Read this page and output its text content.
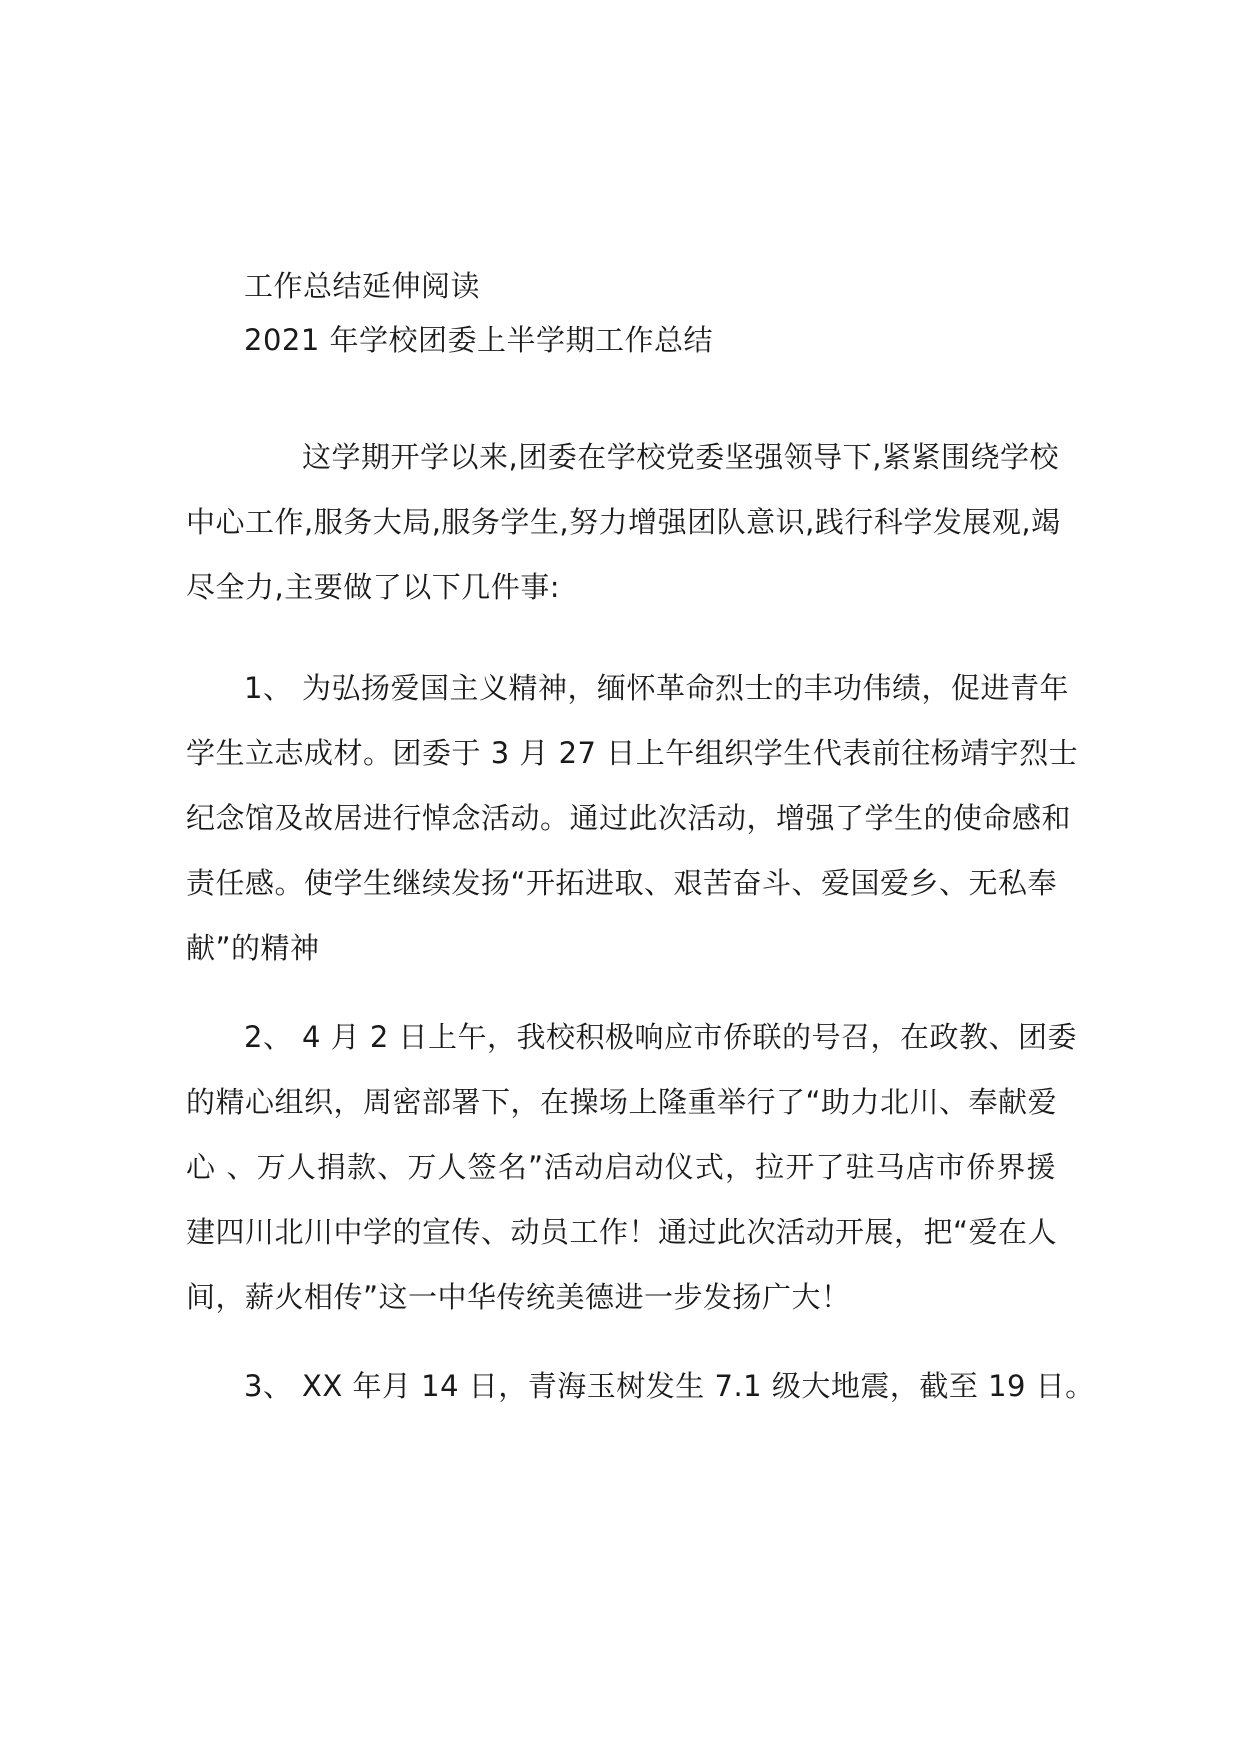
工作总结延伸阅读
2021 年学校团委上半学期工作总结
这学期开学以来,团委在学校党委坚强领导下,紧紧围绕学校
中心工作,服务大局,服务学生,努力增强团队意识,践行科学发展观,竭
尽全力,主要做了以下几件事:
1、 为弘扬爱国主义精神，缅怀革命烈士的丰功伟绩，促进青年
学生立志成材。团委于 3 月 27 日上午组织学生代表前往杨靖宇烈士
纪念馆及故居进行悼念活动。通过此次活动，增强了学生的使命感和
责任感。使学生继续发扬“开拓进取、艰苦奋斗、爱国爱乡、无私奉
献”的精神
2、 4 月 2 日上午，我校积极响应市侨联的号召，在政教、团委
的精心组织，周密部署下，在操场上隆重举行了“助力北川、奉献爱
心 、万人捐款、万人签名”活动启动仪式，拉开了驻马店市侨界援
建四川北川中学的宣传、动员工作！通过此次活动开展，把“爱在人
间，薪火相传”这一中华传统美德进一步发扬广大！
3、 XX 年月 14 日，青海玉树发生 7.1 级大地震，截至 19 日。
